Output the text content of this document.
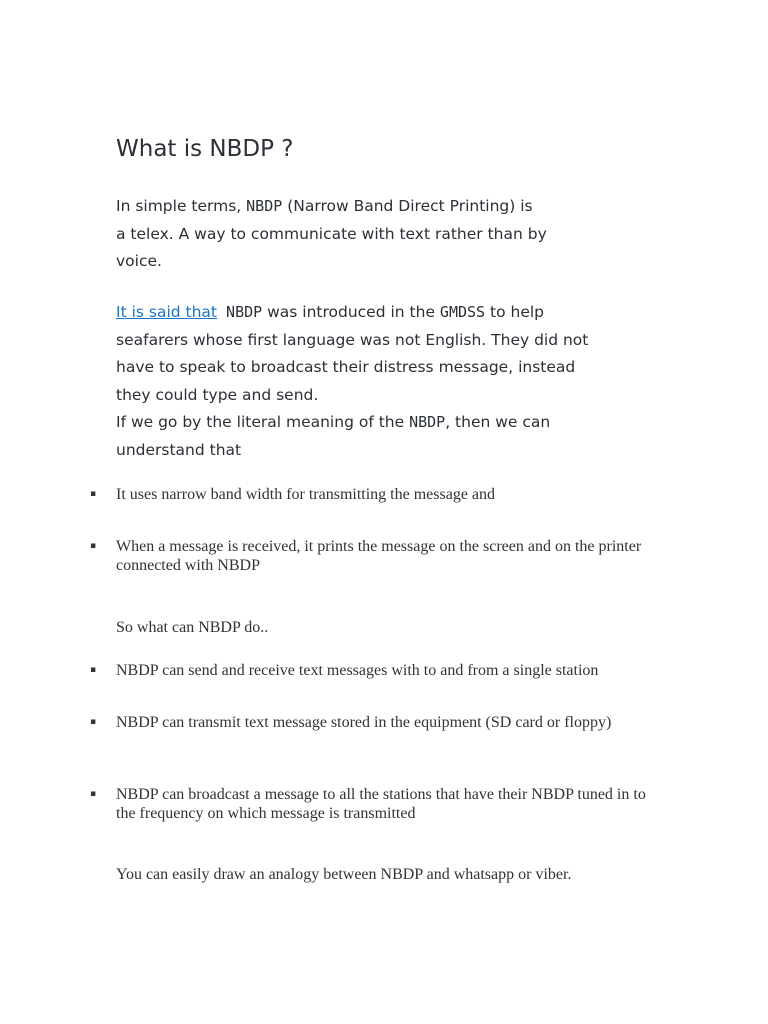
What is NBDP ?

In simple terms, NBDP (Narrow Band Direct Printing) is
a telex. A way to communicate with text rather than by
voice.

It is said that NBDP was introduced in the GMDSS to help
seafarers whose first language was not English. They did not
have to speak to broadcast their distress message, instead
they could type and send.
If we go by the literal meaning of the NBDP, then we can
understand that

▪ It uses narrow band width for transmitting the message and
▪ When a message is received, it prints the message on the screen and on the printer connected with NBDP

So what can NBDP do..

▪ NBDP can send and receive text messages with to and from a single station
▪ NBDP can transmit text message stored in the equipment (SD card or floppy)
▪ NBDP can broadcast a message to all the stations that have their NBDP tuned in to the frequency on which message is transmitted

You can easily draw an analogy between NBDP and whatsapp or viber.
